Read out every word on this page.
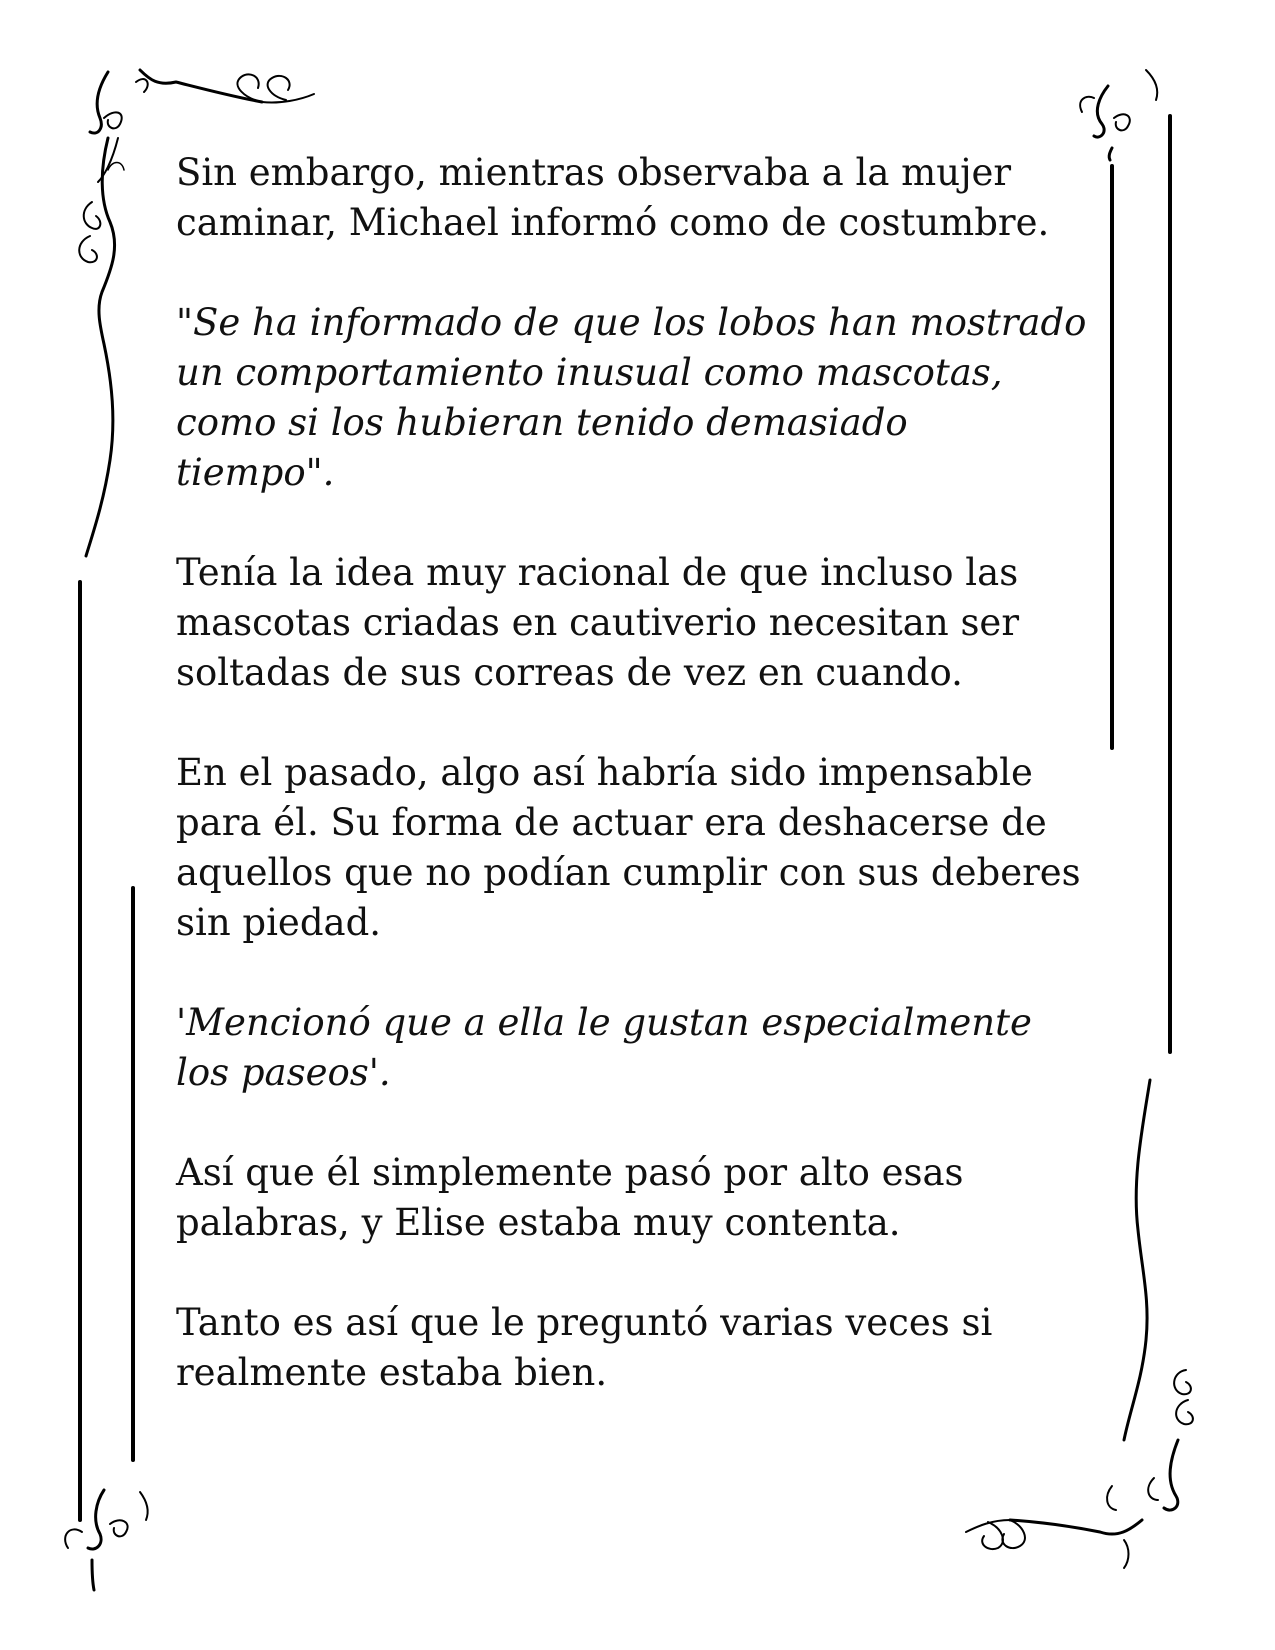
Sin embargo, mientras observaba a la mujer
caminar, Michael informó como de costumbre.

"Se ha informado de que los lobos han mostrado
un comportamiento inusual como mascotas,
como si los hubieran tenido demasiado
tiempo".

Tenía la idea muy racional de que incluso las
mascotas criadas en cautiverio necesitan ser
soltadas de sus correas de vez en cuando.

En el pasado, algo así habría sido impensable
para él. Su forma de actuar era deshacerse de
aquellos que no podían cumplir con sus deberes
sin piedad.

'Mencionó que a ella le gustan especialmente
los paseos'.

Así que él simplemente pasó por alto esas
palabras, y Elise estaba muy contenta.

Tanto es así que le preguntó varias veces si
realmente estaba bien.
